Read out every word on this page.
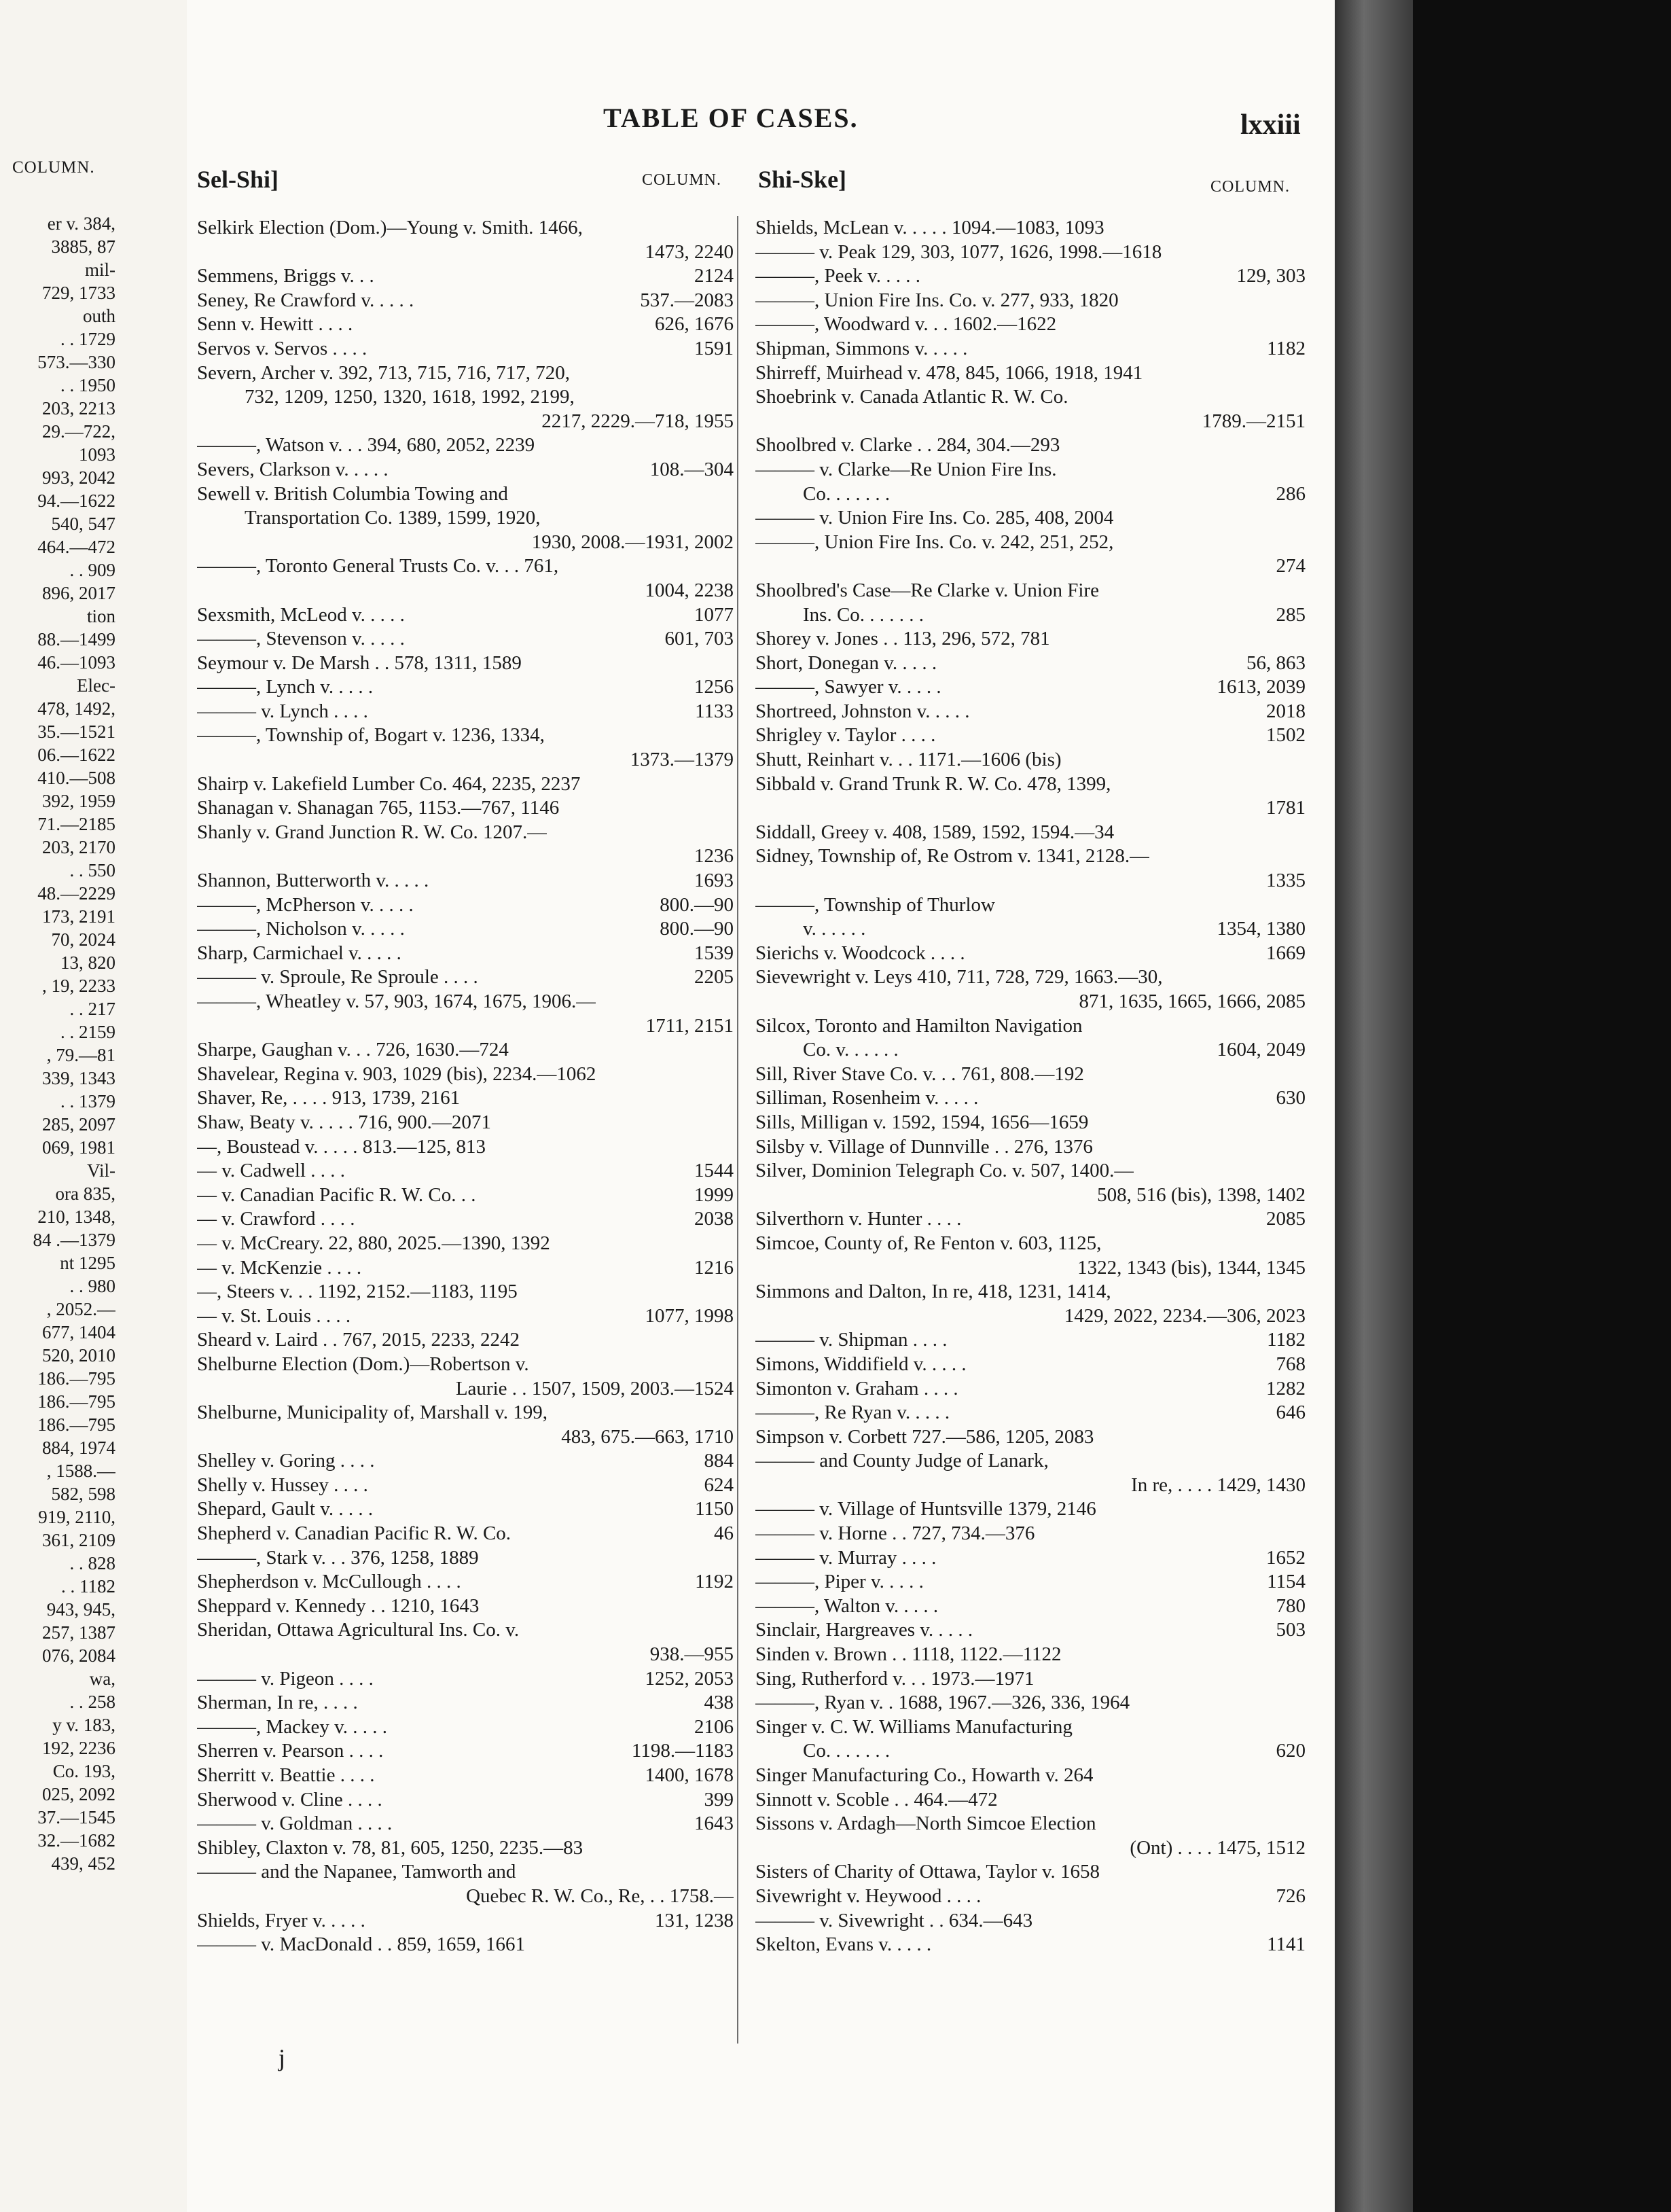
COLUMN.
er v. 384,
3885, 87
mil-
729, 1733
outh
. . 1729
573.—330
. . 1950
203, 2213
29.—722,
1093
993, 2042
94.—1622
540, 547
464.—472
. . 909
896, 2017
tion
88.—1499
46.—1093
Elec-
478, 1492,
35.—1521
06.—1622
410.—508
392, 1959
71.—2185
203, 2170
. . 550
48.—2229
173, 2191
70, 2024
13, 820
, 19, 2233
. . 217
. . 2159
, 79.—81
339, 1343
. . 1379
285, 2097
069, 1981
Vil-
ora 835,
210, 1348,
84 .—1379
nt 1295
. . 980
, 2052.—
677, 1404
520, 2010
186.—795
186.—795
186.—795
884, 1974
, 1588.—
582, 598
919, 2110,
361, 2109
. . 828
. . 1182
943, 945,
257, 1387
076, 2084
wa,
. . 258
y v. 183,
192, 2236
Co. 193,
025, 2092
37.—1545
32.—1682
439, 452
TABLE OF CASES.	lxxiii
Sel-Shi]	COLUMN. Shi-Ske]	COLUMN.
Selkirk Election (Dom.)—Young v. Smith. 1466,
1473, 2240
Semmens, Briggs v. . .	2124
Seney, Re Crawford v. . . . .	537.—2083
Senn v. Hewitt . . . .	626, 1676
Servos v. Servos . . . .	1591
Severn, Archer v. 392, 713, 715, 716, 717, 720,
732, 1209, 1250, 1320, 1618, 1992, 2199,
2217, 2229.—718, 1955
———, Watson v. . . 394, 680, 2052, 2239
Severs, Clarkson v. . . . .	108.—304
Sewell v. British Columbia Towing and
Transportation Co. 1389, 1599, 1920,
1930, 2008.—1931, 2002
———, Toronto General Trusts Co. v. . . 761,
1004, 2238
Sexsmith, McLeod v. . . . .	1077
———, Stevenson v. . . . .	601, 703
Seymour v. De Marsh . . 578, 1311, 1589
———, Lynch v. . . . .	1256
——— v. Lynch . . . .	1133
———, Township of, Bogart v. 1236, 1334,
1373.—1379
Shairp v. Lakefield Lumber Co. 464, 2235, 2237
Shanagan v. Shanagan 765, 1153.—767, 1146
Shanly v. Grand Junction R. W. Co. 1207.—
1236
Shannon, Butterworth v. . . . .	1693
———, McPherson v. . . . .	800.—90
———, Nicholson v. . . . .	800.—90
Sharp, Carmichael v. . . . .	1539
——— v. Sproule, Re Sproule . . . .	2205
———, Wheatley v. 57, 903, 1674, 1675, 1906.—
1711, 2151
Sharpe, Gaughan v. . . 726, 1630.—724
Shavelear, Regina v. 903, 1029 (bis), 2234.—1062
Shaver, Re, . . . . 913, 1739, 2161
Shaw, Beaty v. . . . . 716, 900.—2071
—, Boustead v. . . . . 813.—125, 813
— v. Cadwell . . . .	1544
— v. Canadian Pacific R. W. Co. . .	1999
— v. Crawford . . . .	2038
— v. McCreary. 22, 880, 2025.—1390, 1392
— v. McKenzie . . . .	1216
—, Steers v. . . 1192, 2152.—1183, 1195
— v. St. Louis . . . .	1077, 1998
Sheard v. Laird . . 767, 2015, 2233, 2242
Shelburne Election (Dom.)—Robertson v.
Laurie . . 1507, 1509, 2003.—1524
Shelburne, Municipality of, Marshall v. 199,
483, 675.—663, 1710
Shelley v. Goring . . . .	884
Shelly v. Hussey . . . .	624
Shepard, Gault v. . . . .	1150
Shepherd v. Canadian Pacific R. W. Co.	46
———, Stark v. . . 376, 1258, 1889
Shepherdson v. McCullough . . . .	1192
Sheppard v. Kennedy . . 1210, 1643
Sheridan, Ottawa Agricultural Ins. Co. v.
938.—955
——— v. Pigeon . . . .	1252, 2053
Sherman, In re, . . . .	438
———, Mackey v. . . . .	2106
Sherren v. Pearson . . . .	1198.—1183
Sherritt v. Beattie . . . .	1400, 1678
Sherwood v. Cline . . . .	399
——— v. Goldman . . . .	1643
Shibley, Claxton v. 78, 81, 605, 1250, 2235.—83
——— and the Napanee, Tamworth and
Quebec R. W. Co., Re, . . 1758.—
Shields, Fryer v. . . . .	131, 1238
——— v. MacDonald . . 859, 1659, 1661
Shields, McLean v. . . . . 1094.—1083, 1093
——— v. Peak 129, 303, 1077, 1626, 1998.—1618
———, Peek v. . . . .	129, 303
———, Union Fire Ins. Co. v. 277, 933, 1820
———, Woodward v. . . 1602.—1622
Shipman, Simmons v. . . . .	1182
Shirreff, Muirhead v. 478, 845, 1066, 1918, 1941
Shoebrink v. Canada Atlantic R. W. Co.
1789.—2151
Shoolbred v. Clarke . . 284, 304.—293
——— v. Clarke—Re Union Fire Ins.
Co. . . . . . .	286
——— v. Union Fire Ins. Co. 285, 408, 2004
———, Union Fire Ins. Co. v. 242, 251, 252,
274
Shoolbred's Case—Re Clarke v. Union Fire
Ins. Co. . . . . . .	285
Shorey v. Jones . . 113, 296, 572, 781
Short, Donegan v. . . . .	56, 863
———, Sawyer v. . . . .	1613, 2039
Shortreed, Johnston v. . . . .	2018
Shrigley v. Taylor . . . .	1502
Shutt, Reinhart v. . . 1171.—1606 (bis)
Sibbald v. Grand Trunk R. W. Co. 478, 1399,
1781
Siddall, Greey v. 408, 1589, 1592, 1594.—34
Sidney, Township of, Re Ostrom v. 1341, 2128.—
1335
———, Township of Thurlow
v. . . . . .	1354, 1380
Sierichs v. Woodcock . . . .	1669
Sievewright v. Leys 410, 711, 728, 729, 1663.—30,
871, 1635, 1665, 1666, 2085
Silcox, Toronto and Hamilton Navigation
Co. v. . . . . .	1604, 2049
Sill, River Stave Co. v. . . 761, 808.—192
Silliman, Rosenheim v. . . . .	630
Sills, Milligan v. 1592, 1594, 1656—1659
Silsby v. Village of Dunnville . . 276, 1376
Silver, Dominion Telegraph Co. v. 507, 1400.—
508, 516 (bis), 1398, 1402
Silverthorn v. Hunter . . . .	2085
Simcoe, County of, Re Fenton v. 603, 1125,
1322, 1343 (bis), 1344, 1345
Simmons and Dalton, In re, 418, 1231, 1414,
1429, 2022, 2234.—306, 2023
——— v. Shipman . . . .	1182
Simons, Widdifield v. . . . .	768
Simonton v. Graham . . . .	1282
———, Re Ryan v. . . . .	646
Simpson v. Corbett 727.—586, 1205, 2083
——— and County Judge of Lanark,
In re, . . . . 1429, 1430
——— v. Village of Huntsville 1379, 2146
——— v. Horne . . 727, 734.—376
——— v. Murray . . . .	1652
———, Piper v. . . . .	1154
———, Walton v. . . . .	780
Sinclair, Hargreaves v. . . . .	503
Sinden v. Brown . . 1118, 1122.—1122
Sing, Rutherford v. . . 1973.—1971
———, Ryan v. . 1688, 1967.—326, 336, 1964
Singer v. C. W. Williams Manufacturing
Co. . . . . . .	620
Singer Manufacturing Co., Howarth v. 264
Sinnott v. Scoble . . 464.—472
Sissons v. Ardagh—North Simcoe Election
(Ont) . . . . 1475, 1512
Sisters of Charity of Ottawa, Taylor v. 1658
Sivewright v. Heywood . . . .	726
——— v. Sivewright . . 634.—643
Skelton, Evans v. . . . .	1141
j
